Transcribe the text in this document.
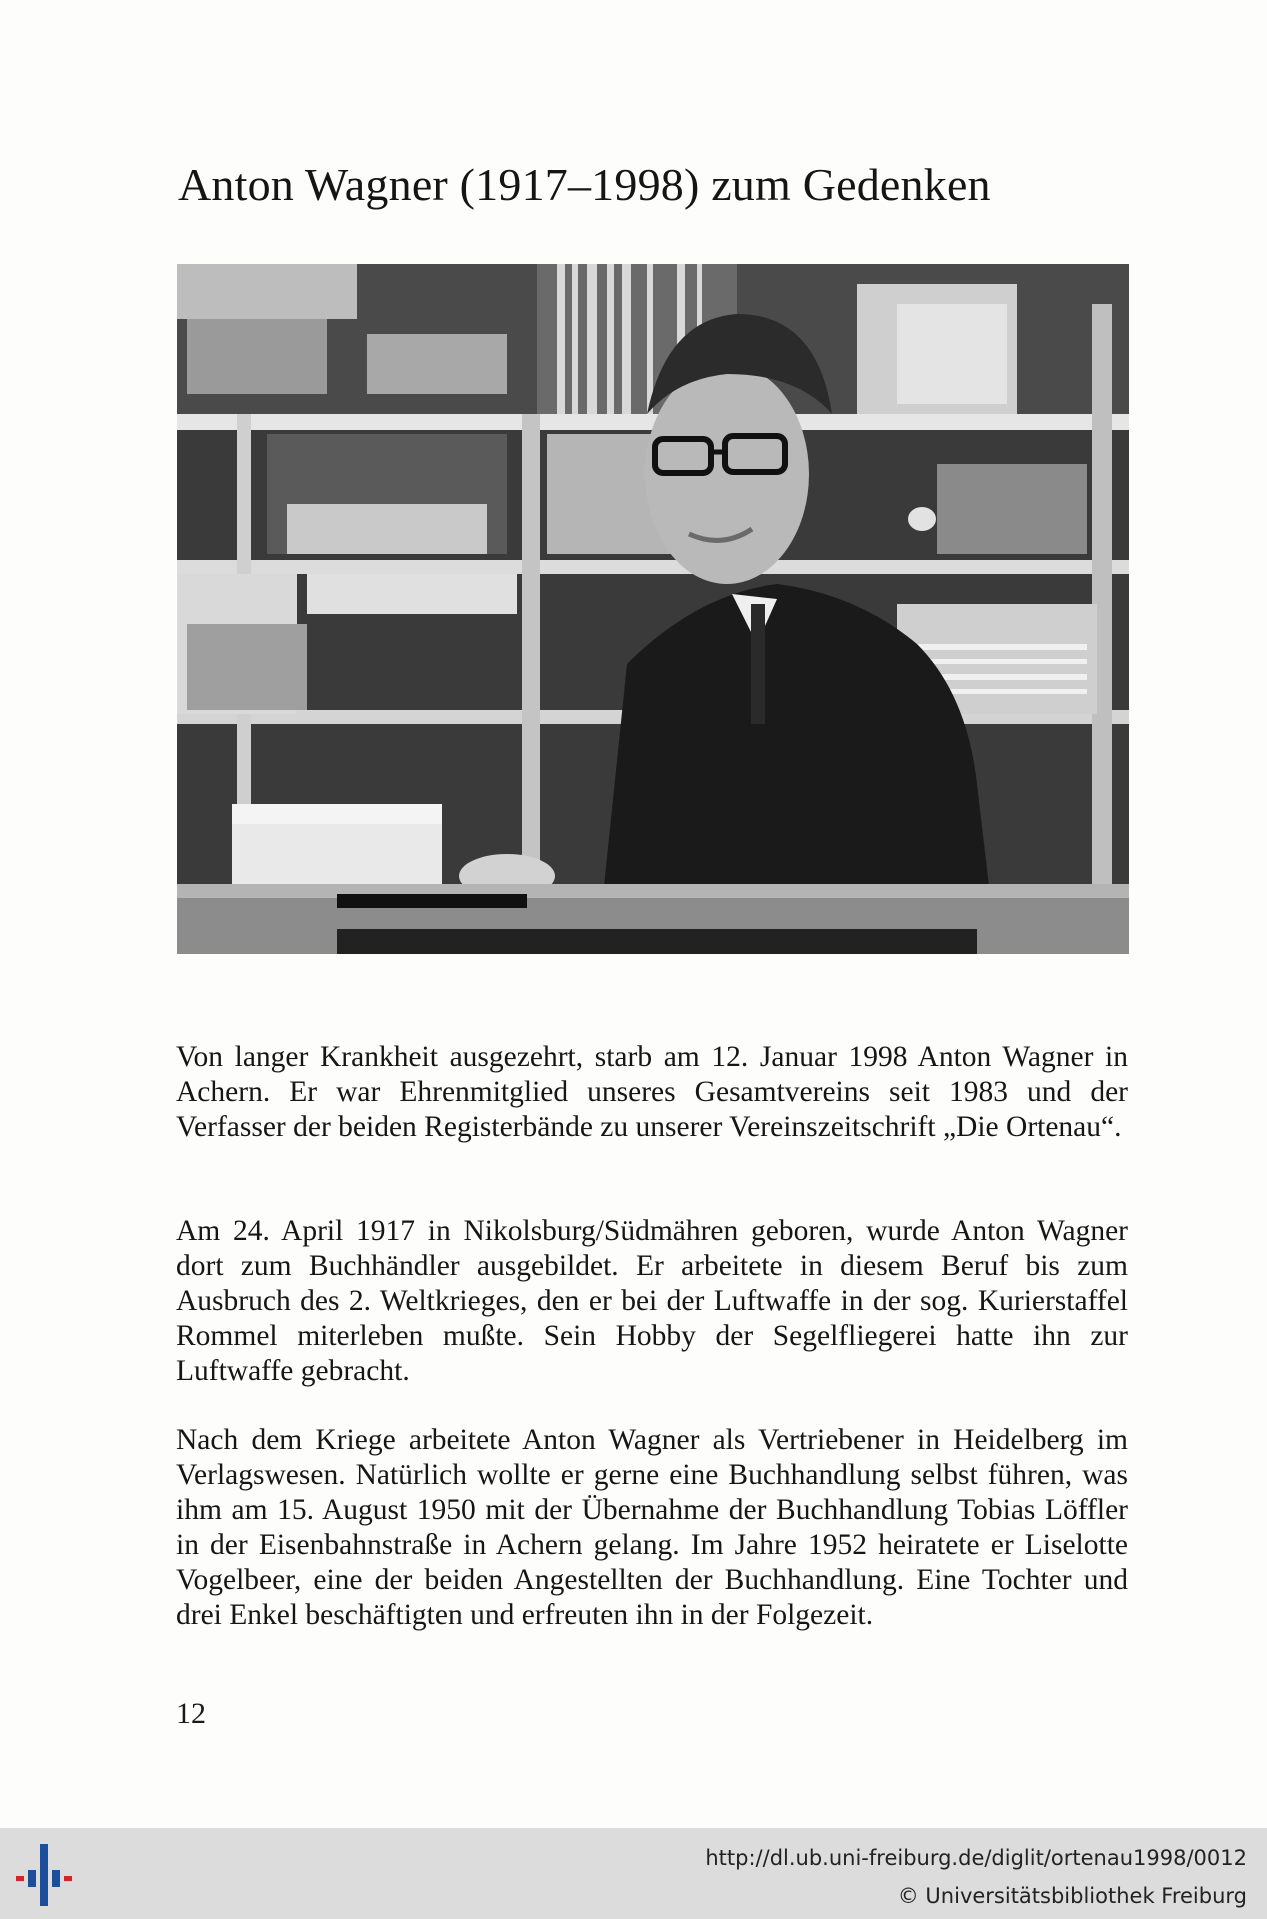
Anton Wagner (1917–1998) zum Gedenken

Von langer Krankheit ausgezehrt, starb am 12. Januar 1998 Anton Wagner in Achern. Er war Ehrenmitglied unseres Gesamtvereins seit 1983 und der Verfasser der beiden Registerbände zu unserer Vereinszeitschrift „Die Ortenau“.

Am 24. April 1917 in Nikolsburg/Südmähren geboren, wurde Anton Wagner dort zum Buchhändler ausgebildet. Er arbeitete in diesem Beruf bis zum Ausbruch des 2. Weltkrieges, den er bei der Luftwaffe in der sog. Kurierstaffel Rommel miterleben mußte. Sein Hobby der Segelfliegerei hatte ihn zur Luftwaffe gebracht.

Nach dem Kriege arbeitete Anton Wagner als Vertriebener in Heidelberg im Verlagswesen. Natürlich wollte er gerne eine Buchhandlung selbst führen, was ihm am 15. August 1950 mit der Übernahme der Buchhandlung Tobias Löffler in der Eisenbahnstraße in Achern gelang. Im Jahre 1952 heiratete er Liselotte Vogelbeer, eine der beiden Angestellten der Buchhandlung. Eine Tochter und drei Enkel beschäftigten und erfreuten ihn in der Folgezeit.

12
http://dl.ub.uni-freiburg.de/diglit/ortenau1998/0012
© Universitätsbibliothek Freiburg
